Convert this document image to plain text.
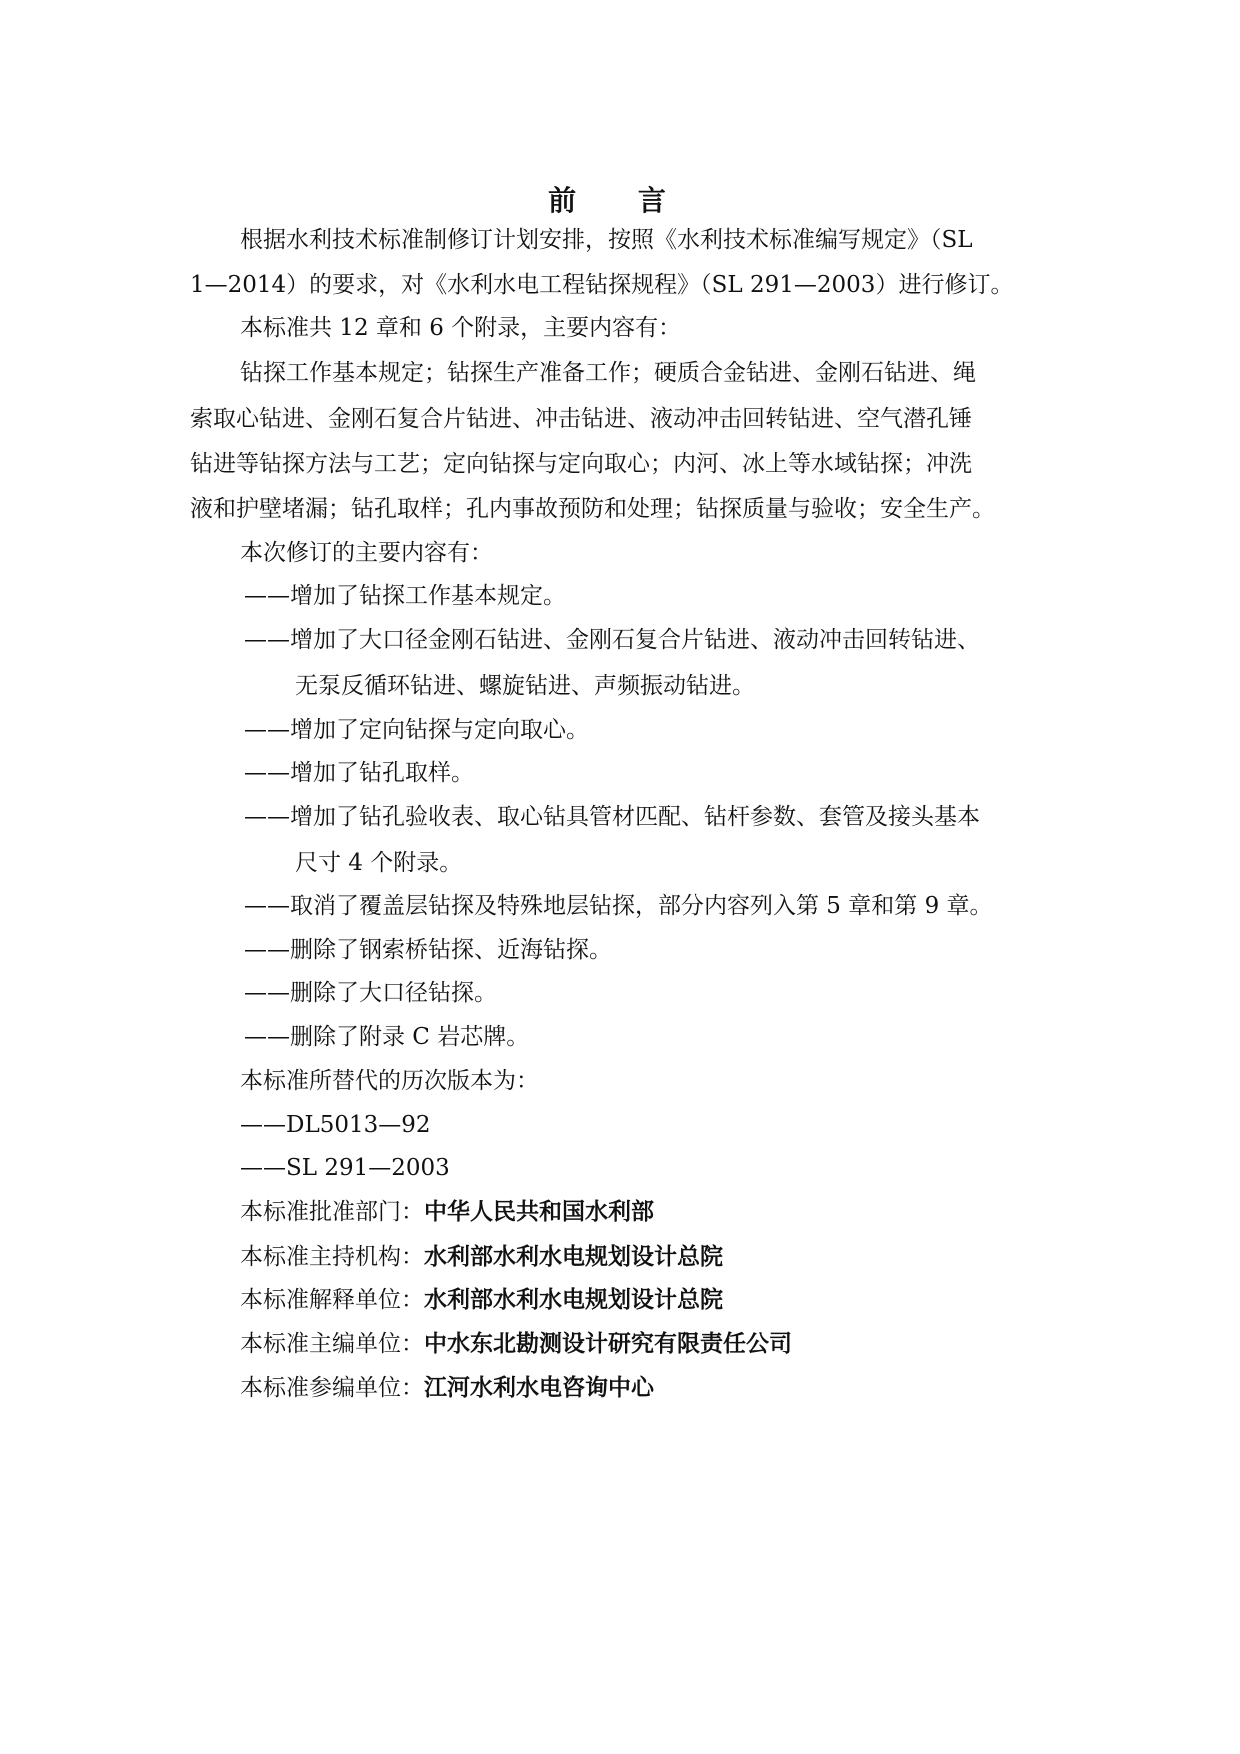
前 言
根据水利技术标准制修订计划安排，按照《水利技术标准编写规定》（SL
1—2014）的要求，对《水利水电工程钻探规程》（SL 291—2003）进行修订。
本标准共 12 章和 6 个附录，主要内容有：
钻探工作基本规定；钻探生产准备工作；硬质合金钻进、金刚石钻进、绳
索取心钻进、金刚石复合片钻进、冲击钻进、液动冲击回转钻进、空气潜孔锤
钻进等钻探方法与工艺；定向钻探与定向取心；内河、冰上等水域钻探；冲洗
液和护壁堵漏；钻孔取样；孔内事故预防和处理；钻探质量与验收；安全生产。
本次修订的主要内容有：
——增加了钻探工作基本规定。
——增加了大口径金刚石钻进、金刚石复合片钻进、液动冲击回转钻进、
无泵反循环钻进、螺旋钻进、声频振动钻进。
——增加了定向钻探与定向取心。
——增加了钻孔取样。
——增加了钻孔验收表、取心钻具管材匹配、钻杆参数、套管及接头基本
尺寸 4 个附录。
——取消了覆盖层钻探及特殊地层钻探，部分内容列入第 5 章和第 9 章。
——删除了钢索桥钻探、近海钻探。
——删除了大口径钻探。
——删除了附录 C 岩芯牌。
本标准所替代的历次版本为：
——DL5013—92
——SL 291—2003
本标准批准部门：中华人民共和国水利部
本标准主持机构：水利部水利水电规划设计总院
本标准解释单位：水利部水利水电规划设计总院
本标准主编单位：中水东北勘测设计研究有限责任公司
本标准参编单位：江河水利水电咨询中心
